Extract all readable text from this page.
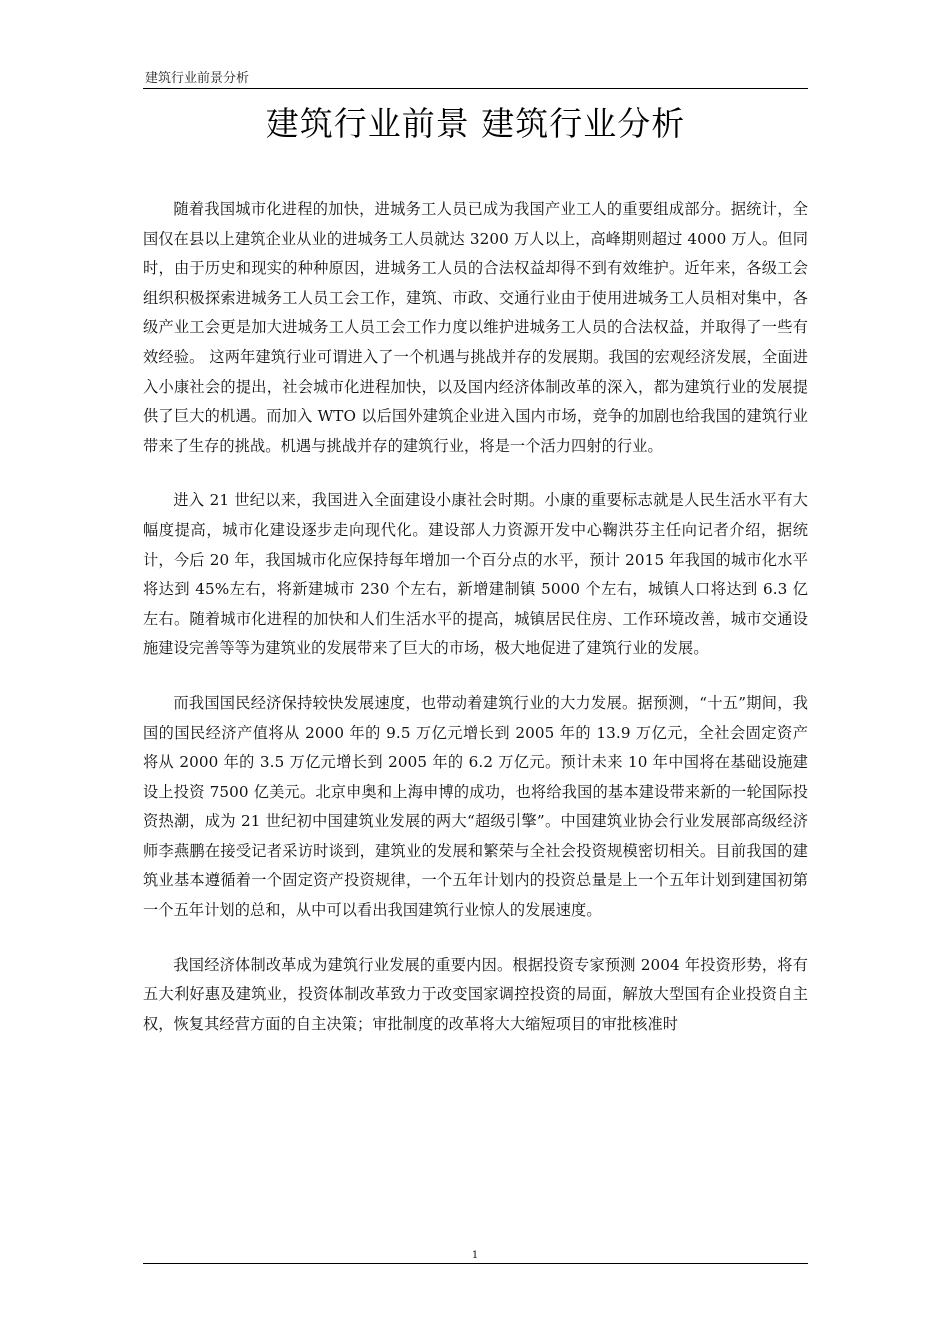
建筑行业前景分析
建筑行业前景 建筑行业分析

随着我国城市化进程的加快，进城务工人员已成为我国产业工人的重要组成部分。据统计，全国仅在县以上建筑企业从业的进城务工人员就达 3200 万人以上，高峰期则超过 4000 万人。但同时，由于历史和现实的种种原因，进城务工人员的合法权益却得不到有效维护。近年来，各级工会组织积极探索进城务工人员工会工作，建筑、市政、交通行业由于使用进城务工人员相对集中，各级产业工会更是加大进城务工人员工会工作力度以维护进城务工人员的合法权益，并取得了一些有效经验。 这两年建筑行业可谓进入了一个机遇与挑战并存的发展期。我国的宏观经济发展，全面进入小康社会的提出，社会城市化进程加快，以及国内经济体制改革的深入，都为建筑行业的发展提供了巨大的机遇。而加入 WTO 以后国外建筑企业进入国内市场，竞争的加剧也给我国的建筑行业带来了生存的挑战。机遇与挑战并存的建筑行业，将是一个活力四射的行业。

进入 21 世纪以来，我国进入全面建设小康社会时期。小康的重要标志就是人民生活水平有大幅度提高，城市化建设逐步走向现代化。建设部人力资源开发中心鞠洪芬主任向记者介绍，据统计，今后 20 年，我国城市化应保持每年增加一个百分点的水平，预计 2015 年我国的城市化水平将达到 45%左右，将新建城市 230 个左右，新增建制镇 5000 个左右，城镇人口将达到 6.3 亿左右。随着城市化进程的加快和人们生活水平的提高，城镇居民住房、工作环境改善，城市交通设施建设完善等等为建筑业的发展带来了巨大的市场，极大地促进了建筑行业的发展。

而我国国民经济保持较快发展速度，也带动着建筑行业的大力发展。据预测，“十五”期间，我国的国民经济产值将从 2000 年的 9.5 万亿元增长到 2005 年的 13.9 万亿元，全社会固定资产将从 2000 年的 3.5 万亿元增长到 2005 年的 6.2 万亿元。预计未来 10 年中国将在基础设施建设上投资 7500 亿美元。北京申奥和上海申博的成功，也将给我国的基本建设带来新的一轮国际投资热潮，成为 21 世纪初中国建筑业发展的两大“超级引擎”。中国建筑业协会行业发展部高级经济师李燕鹏在接受记者采访时谈到，建筑业的发展和繁荣与全社会投资规模密切相关。目前我国的建筑业基本遵循着一个固定资产投资规律，一个五年计划内的投资总量是上一个五年计划到建国初第一个五年计划的总和，从中可以看出我国建筑行业惊人的发展速度。

我国经济体制改革成为建筑行业发展的重要内因。根据投资专家预测 2004 年投资形势，将有五大利好惠及建筑业，投资体制改革致力于改变国家调控投资的局面，解放大型国有企业投资自主权，恢复其经营方面的自主决策；审批制度的改革将大大缩短项目的审批核准时

1
